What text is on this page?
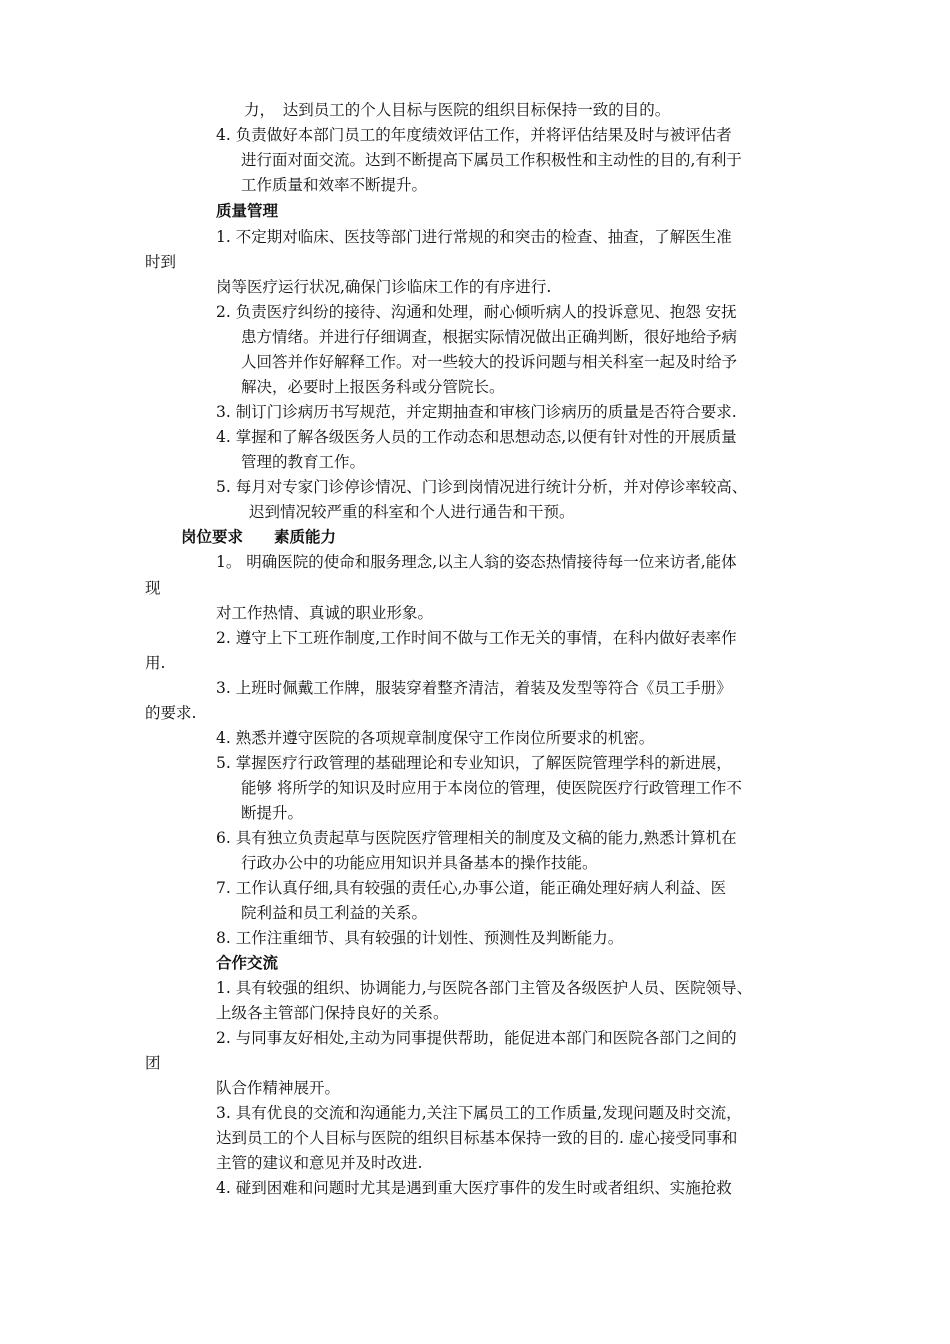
力，　达到员工的个人目标与医院的组织目标保持一致的目的。
4. 负责做好本部门员工的年度绩效评估工作，并将评估结果及时与被评估者
进行面对面交流。达到不断提高下属员工作积极性和主动性的目的,有利于
工作质量和效率不断提升。
质量管理
1. 不定期对临床、医技等部门进行常规的和突击的检查、抽查，了解医生准
时到
岗等医疗运行状况,确保门诊临床工作的有序进行.
2. 负责医疗纠纷的接待、沟通和处理，耐心倾听病人的投诉意见、抱怨 安抚
患方情绪。并进行仔细调查，根据实际情况做出正确判断，很好地给予病
人回答并作好解释工作。对一些较大的投诉问题与相关科室一起及时给予
解决，必要时上报医务科或分管院长。
3. 制订门诊病历书写规范，并定期抽查和审核门诊病历的质量是否符合要求.
4. 掌握和了解各级医务人员的工作动态和思想动态,以便有针对性的开展质量
管理的教育工作。
5. 每月对专家门诊停诊情况、门诊到岗情况进行统计分析，并对停诊率较高、
迟到情况较严重的科室和个人进行通告和干预。
岗位要求　　素质能力
1。 明确医院的使命和服务理念,以主人翁的姿态热情接待每一位来访者,能体
现
对工作热情、真诚的职业形象。
2. 遵守上下工班作制度,工作时间不做与工作无关的事情，在科内做好表率作
用.
3. 上班时佩戴工作牌，服装穿着整齐清洁，着装及发型等符合《员工手册》
的要求.
4. 熟悉并遵守医院的各项规章制度保守工作岗位所要求的机密。
5. 掌握医疗行政管理的基础理论和专业知识，了解医院管理学科的新进展，
能够 将所学的知识及时应用于本岗位的管理，使医院医疗行政管理工作不
断提升。
6. 具有独立负责起草与医院医疗管理相关的制度及文稿的能力,熟悉计算机在
行政办公中的功能应用知识并具备基本的操作技能。
7. 工作认真仔细,具有较强的责任心,办事公道，能正确处理好病人利益、医
院利益和员工利益的关系。
8. 工作注重细节、具有较强的计划性、预测性及判断能力。
合作交流
1. 具有较强的组织、协调能力,与医院各部门主管及各级医护人员、医院领导、
上级各主管部门保持良好的关系。
2. 与同事友好相处,主动为同事提供帮助，能促进本部门和医院各部门之间的
团
队合作精神展开。
3. 具有优良的交流和沟通能力,关注下属员工的工作质量,发现问题及时交流，
达到员工的个人目标与医院的组织目标基本保持一致的目的. 虚心接受同事和
主管的建议和意见并及时改进.
4. 碰到困难和问题时尤其是遇到重大医疗事件的发生时或者组织、实施抢救
